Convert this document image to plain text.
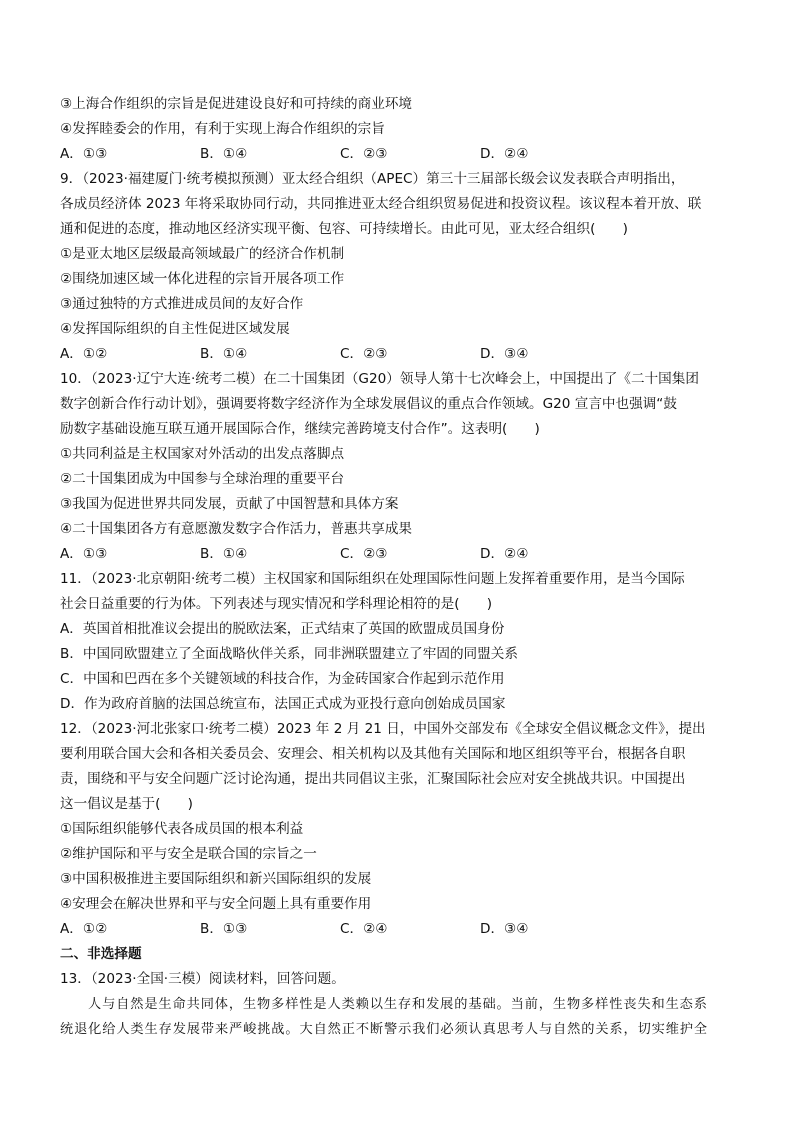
③上海合作组织的宗旨是促进建设良好和可持续的商业环境
④发挥睦委会的作用，有利于实现上海合作组织的宗旨
A．①③	B．①④	C．②③	D．②④
9．（2023·福建厦门·统考模拟预测）亚太经合组织（APEC）第三十三届部长级会议发表联合声明指出，
各成员经济体 2023 年将采取协同行动，共同推进亚太经合组织贸易促进和投资议程。该议程本着开放、联
通和促进的态度，推动地区经济实现平衡、包容、可持续增长。由此可见，亚太经合组织(　　)
①是亚太地区层级最高领域最广的经济合作机制
②围绕加速区域一体化进程的宗旨开展各项工作
③通过独特的方式推进成员间的友好合作
④发挥国际组织的自主性促进区域发展
A．①②	B．①④	C．②③	D．③④
10．（2023·辽宁大连·统考二模）在二十国集团（G20）领导人第十七次峰会上，中国提出了《二十国集团
数字创新合作行动计划》，强调要将数字经济作为全球发展倡议的重点合作领域。G20 宣言中也强调“鼓
励数字基础设施互联互通开展国际合作，继续完善跨境支付合作”。这表明(　　)
①共同利益是主权国家对外活动的出发点落脚点
②二十国集团成为中国参与全球治理的重要平台
③我国为促进世界共同发展，贡献了中国智慧和具体方案
④二十国集团各方有意愿激发数字合作活力，普惠共享成果
A．①③	B．①④	C．②③	D．②④
11．（2023·北京朝阳·统考二模）主权国家和国际组织在处理国际性问题上发挥着重要作用，是当今国际
社会日益重要的行为体。下列表述与现实情况和学科理论相符的是(　　)
A．英国首相批准议会提出的脱欧法案，正式结束了英国的欧盟成员国身份
B．中国同欧盟建立了全面战略伙伴关系，同非洲联盟建立了牢固的同盟关系
C．中国和巴西在多个关键领域的科技合作，为金砖国家合作起到示范作用
D．作为政府首脑的法国总统宣布，法国正式成为亚投行意向创始成员国家
12．（2023·河北张家口·统考二模）2023 年 2 月 21 日，中国外交部发布《全球安全倡议概念文件》，提出
要利用联合国大会和各相关委员会、安理会、相关机构以及其他有关国际和地区组织等平台，根据各自职
责，围绕和平与安全问题广泛讨论沟通，提出共同倡议主张，汇聚国际社会应对安全挑战共识。中国提出
这一倡议是基于(　　)
①国际组织能够代表各成员国的根本利益
②维护国际和平与安全是联合国的宗旨之一
③中国积极推进主要国际组织和新兴国际组织的发展
④安理会在解决世界和平与安全问题上具有重要作用
A．①②	B．①③	C．②④	D．③④
二、非选择题
13．（2023·全国·三模）阅读材料，回答问题。
人与自然是生命共同体，生物多样性是人类赖以生存和发展的基础。当前，生物多样性丧失和生态系
统退化给人类生存发展带来严峻挑战。大自然正不断警示我们必须认真思考人与自然的关系，切实维护全
